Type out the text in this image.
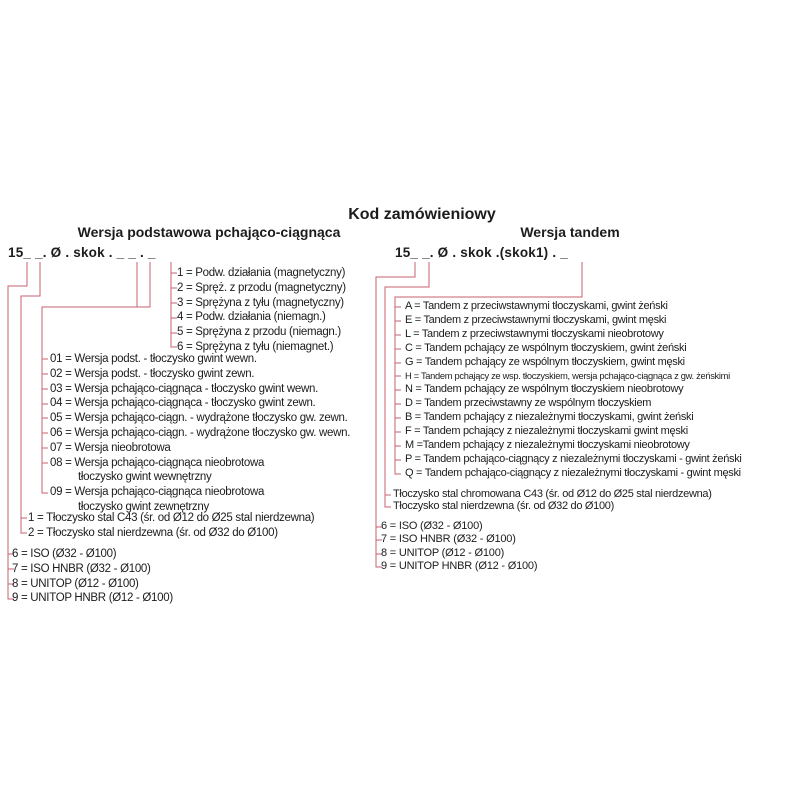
Kod zamówieniowy
Wersja podstawowa pchająco-ciągnąca	Wersja tandem
15_ _. Ø . skok . _ _ . _	15_ _. Ø . skok .(skok1) . _
1 = Podw. działania (magnetyczny)
2 = Spręż. z przodu (magnetyczny)
3 = Sprężyna z tyłu (magnetyczny)
4 = Podw. działania (niemagn.)
5 = Sprężyna z przodu (niemagn.)
6 = Sprężyna z tyłu (niemagnet.)
01 = Wersja podst. - tłoczysko gwint wewn.
02 = Wersja podst. - tłoczysko gwint zewn.
03 = Wersja pchająco-ciągnąca - tłoczysko gwint wewn.
04 = Wersja pchająco-ciągnąca - tłoczysko gwint zewn.
05 = Wersja pchająco-ciągn. - wydrążone tłoczysko gw. zewn.
06 = Wersja pchająco-ciągn. - wydrążone tłoczysko gw. wewn.
07 = Wersja nieobrotowa
08 = Wersja pchająco-ciągnąca nieobrotowa
tłoczysko gwint wewnętrzny
09 = Wersja pchająco-ciągnąca nieobrotowa
tłoczysko gwint zewnętrzny
1 = Tłoczysko stal C43 (śr. od Ø12 do Ø25 stal nierdzewna)
2 = Tłoczysko stal nierdzewna (śr. od Ø32 do Ø100)
6 = ISO (Ø32 - Ø100)
7 = ISO HNBR (Ø32 - Ø100)
8 = UNITOP (Ø12 - Ø100)
9 = UNITOP HNBR (Ø12 - Ø100)
A = Tandem z przeciwstawnymi tłoczyskami, gwint żeński
E = Tandem z przeciwstawnymi tłoczyskami, gwint męski
L = Tandem z przeciwstawnymi tłoczyskami nieobrotowy
C = Tandem pchający ze wspólnym tłoczyskiem, gwint żeński
G = Tandem pchający ze wspólnym tłoczyskiem, gwint męski
H = Tandem pchający ze wsp. tłoczyskiem, wersja pchająco-ciągnąca z gw. żeńskimi
N = Tandem pchający ze wspólnym tłoczyskiem nieobrotowy
D = Tandem przeciwstawny ze wspólnym tłoczyskiem
B = Tandem pchający z niezależnymi tłoczyskami, gwint żeński
F = Tandem pchający z niezależnymi tłoczyskami gwint męski
M =Tandem pchający z niezależnymi tłoczyskami nieobrotowy
P = Tandem pchająco-ciągnący z niezależnymi tłoczyskami - gwint żeński
Q = Tandem pchająco-ciągnący z niezależnymi tłoczyskami - gwint męski
Tłoczysko stal chromowana C43 (śr. od Ø12 do Ø25 stal nierdzewna)
Tłoczysko stal nierdzewna (śr. od Ø32 do Ø100)
6 = ISO (Ø32 - Ø100)
7 = ISO HNBR (Ø32 - Ø100)
8 = UNITOP (Ø12 - Ø100)
9 = UNITOP HNBR (Ø12 - Ø100)
